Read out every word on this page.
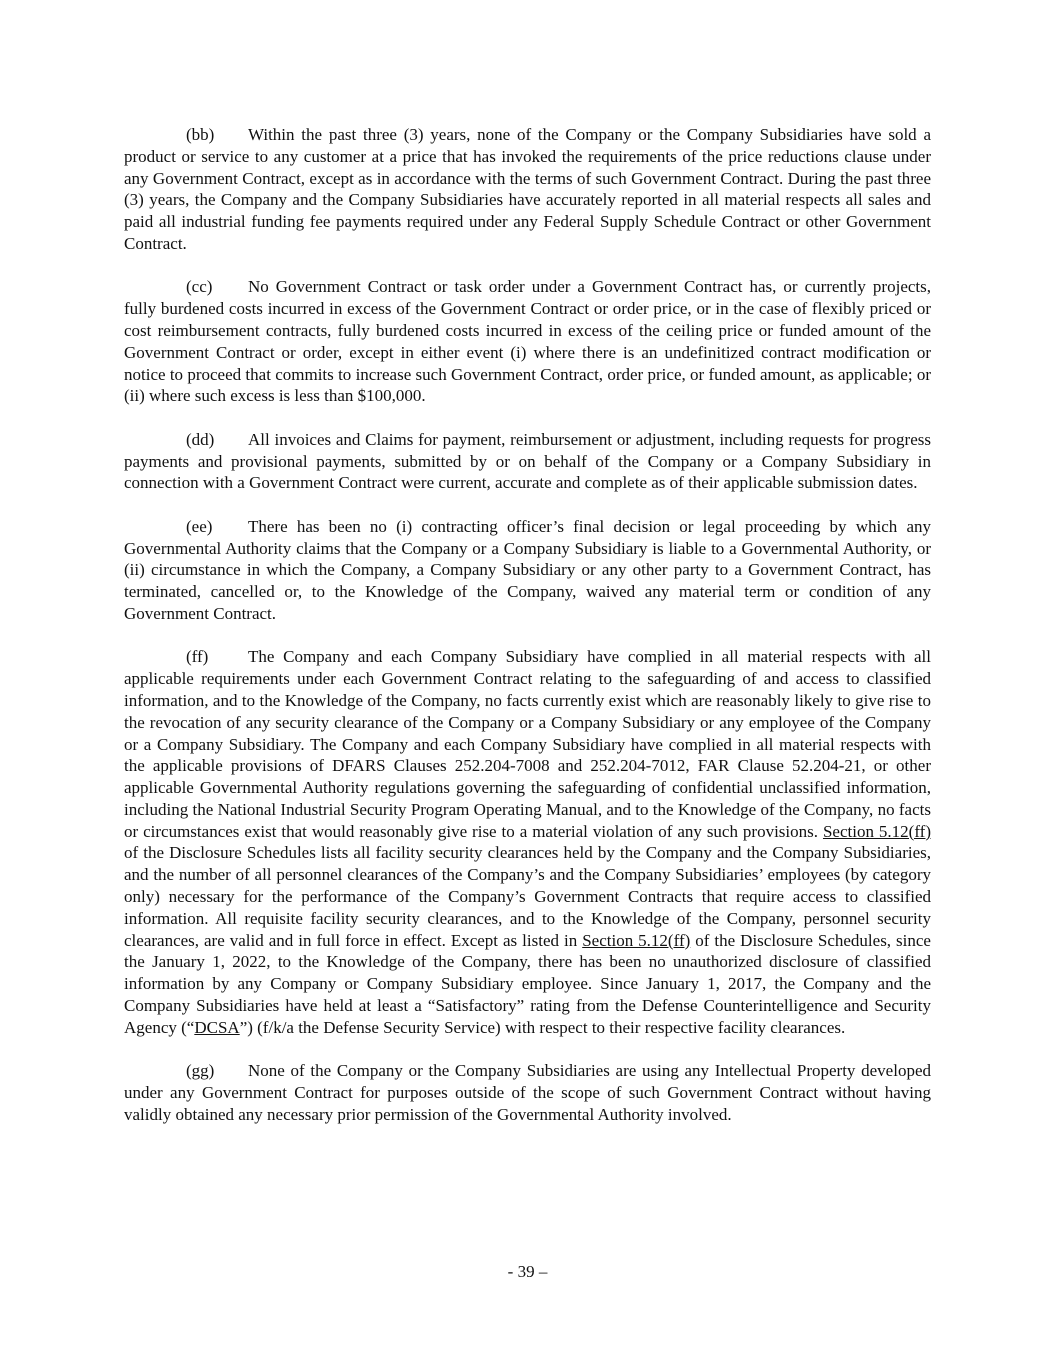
(bb) Within the past three (3) years, none of the Company or the Company Subsidiaries have sold a product or service to any customer at a price that has invoked the requirements of the price reductions clause under any Government Contract, except as in accordance with the terms of such Government Contract. During the past three (3) years, the Company and the Company Subsidiaries have accurately reported in all material respects all sales and paid all industrial funding fee payments required under any Federal Supply Schedule Contract or other Government Contract.

(cc) No Government Contract or task order under a Government Contract has, or currently projects, fully burdened costs incurred in excess of the Government Contract or order price, or in the case of flexibly priced or cost reimbursement contracts, fully burdened costs incurred in excess of the ceiling price or funded amount of the Government Contract or order, except in either event (i) where there is an undefinitized contract modification or notice to proceed that commits to increase such Government Contract, order price, or funded amount, as applicable; or (ii) where such excess is less than $100,000.

(dd) All invoices and Claims for payment, reimbursement or adjustment, including requests for progress payments and provisional payments, submitted by or on behalf of the Company or a Company Subsidiary in connection with a Government Contract were current, accurate and complete as of their applicable submission dates.

(ee) There has been no (i) contracting officer’s final decision or legal proceeding by which any Governmental Authority claims that the Company or a Company Subsidiary is liable to a Governmental Authority, or (ii) circumstance in which the Company, a Company Subsidiary or any other party to a Government Contract, has terminated, cancelled or, to the Knowledge of the Company, waived any material term or condition of any Government Contract.

(ff) The Company and each Company Subsidiary have complied in all material respects with all applicable requirements under each Government Contract relating to the safeguarding of and access to classified information, and to the Knowledge of the Company, no facts currently exist which are reasonably likely to give rise to the revocation of any security clearance of the Company or a Company Subsidiary or any employee of the Company or a Company Subsidiary. The Company and each Company Subsidiary have complied in all material respects with the applicable provisions of DFARS Clauses 252.204-7008 and 252.204-7012, FAR Clause 52.204-21, or other applicable Governmental Authority regulations governing the safeguarding of confidential unclassified information, including the National Industrial Security Program Operating Manual, and to the Knowledge of the Company, no facts or circumstances exist that would reasonably give rise to a material violation of any such provisions. Section 5.12(ff) of the Disclosure Schedules lists all facility security clearances held by the Company and the Company Subsidiaries, and the number of all personnel clearances of the Company’s and the Company Subsidiaries’ employees (by category only) necessary for the performance of the Company’s Government Contracts that require access to classified information. All requisite facility security clearances, and to the Knowledge of the Company, personnel security clearances, are valid and in full force in effect. Except as listed in Section 5.12(ff) of the Disclosure Schedules, since the January 1, 2022, to the Knowledge of the Company, there has been no unauthorized disclosure of classified information by any Company or Company Subsidiary employee. Since January 1, 2017, the Company and the Company Subsidiaries have held at least a “Satisfactory” rating from the Defense Counterintelligence and Security Agency (“DCSA”) (f/k/a the Defense Security Service) with respect to their respective facility clearances.

(gg) None of the Company or the Company Subsidiaries are using any Intellectual Property developed under any Government Contract for purposes outside of the scope of such Government Contract without having validly obtained any necessary prior permission of the Governmental Authority involved.

- 39 –
